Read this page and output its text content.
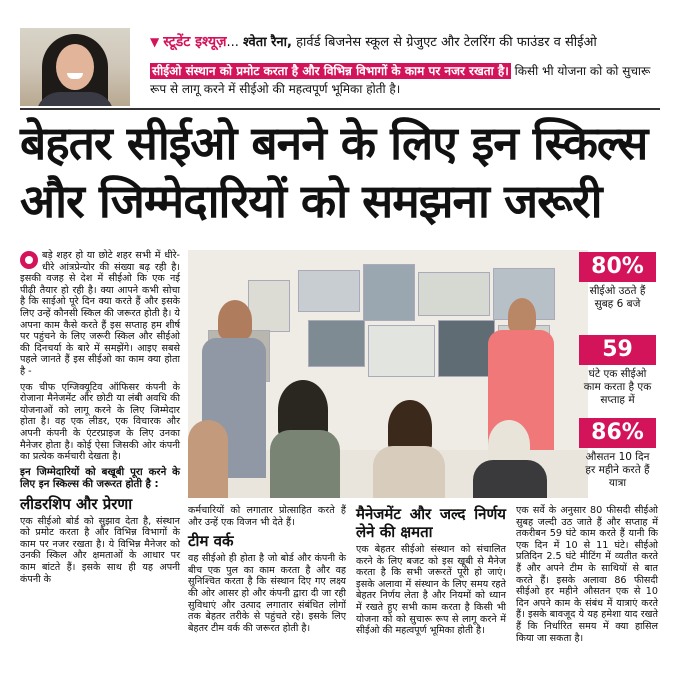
▼ स्टूडेंट इश्यूज़... श्वेता रैना, हार्वर्ड बिजनेस स्कूल से ग्रेजुएट और टेलरिंग की फाउंडर व सीईओ
सीईओ संस्थान को प्रमोट करता है और विभिन्न विभागों के काम पर नजर रखता है। किसी भी योजना को को सुचारू रूप से लागू करने में सीईओ की महत्वपूर्ण भूमिका होती है।
बेहतर सीईओ बनने के लिए इन स्किल्स
और जिम्मेदारियों को समझना जरूरी

बड़े शहर हो या छोटे शहर सभी में धीरे-धीरे आंत्रप्रेन्योर की संख्या बढ़ रही है। इसकी वजह से देश में सीईओ कि एक नई पीढ़ी तैयार हो रही है। क्या आपने कभी सोचा है कि साईओ पूरे दिन क्या करते हैं और इसके लिए उन्हें कौनसी स्किल की जरूरत होती है। ये अपना काम कैसे करते हैं इस सप्ताह हम शीर्ष पर पहुंचने के लिए जरूरी स्किल और सीईओ की दिनचर्या के बारे में समझेंगे। आइए सबसे पहले जानते हैं इस सीईओ का काम क्या होता है -

एक चीफ एग्जिक्यूटिव ऑफिसर कंपनी के रोजाना मैनेजमेंट और छोटी या लंबी अवधि की योजनाओं को लागू करने के लिए जिम्मेदार होता है। वह एक लीडर, एक विचारक और अपनी कंपनी के एंटरप्राइज के लिए उनका मैनेजर होता है। कोई ऐसा जिसकी ओर कंपनी का प्रत्येक कर्मचारी देखता है।

इन जिम्मेदारियों को बखूबी पूरा करने के लिए इन स्किल्स की जरूरत होती है :
लीडरशिप और प्रेरणा

एक सीईओ बोर्ड को सुझाव देता है, संस्थान को प्रमोट करता है और विभिन्न विभागों के काम पर नजर रखता है। ये विभिन्न मैनेजर को उनकी स्किल और क्षमताओं के आधार पर काम बांटते हैं। इसके साथ ही यह अपनी कंपनी के

80%
सीईओ उठते हैं सुबह 6 बजे
59
घंटे एक सीईओ काम करता है एक सप्ताह में
86%
औसतन 10 दिन हर महीने करते हैं यात्रा

कर्मचारियों को लगातार प्रोत्साहित करते हैं और उन्हें एक विजन भी देते हैं।

टीम वर्क

वह सीईओ ही होता है जो बोर्ड और कंपनी के बीच एक पुल का काम करता है और वह सुनिश्चित करता है कि संस्थान दिए गए लक्ष्य की ओर आसर हो और कंपनी द्वारा दी जा रही सुविधाएं और उत्पाद लगातार संबंधित लोगों तक बेहतर तरीके से पहुंचते रहे। इसके लिए बेहतर टीम वर्क की जरूरत होती है।

मैनेजमेंट और जल्द निर्णय लेने की क्षमता

एक बेहतर सीईओ संस्थान को संचालित करने के लिए बजट को इस खूबी से मैनेज करता है कि सभी जरूरतें पूरी हो जाएं। इसके अलावा में संस्थान के लिए समय रहते बेहतर निर्णय लेता है और नियमों को ध्यान में रखते हुए सभी काम करता है किसी भी योजना को को सुचारू रूप से लागू करने में सीईओ की महत्वपूर्ण भूमिका होती है।

एक सर्वे के अनुसार 80 फीसदी सीईओ सुबह जल्दी उठ जाते हैं और सप्ताह में तकरीबन 59 घंटे काम करते हैं यानी कि एक दिन में 10 से 11 घंटे। सीईओ प्रतिदिन 2.5 घंटे मीटिंग में व्यतीत करते हैं और अपने टीम के साथियों से बात करते हैं। इसके अलावा 86 फीसदी सीईओ हर महीने औसतन एक से 10 दिन अपने काम के संबंध में यात्राएं करते हैं। इसके बावजूद ये यह हमेशा याद रखते हैं कि निर्धारित समय में क्या हासिल किया जा सकता है।
